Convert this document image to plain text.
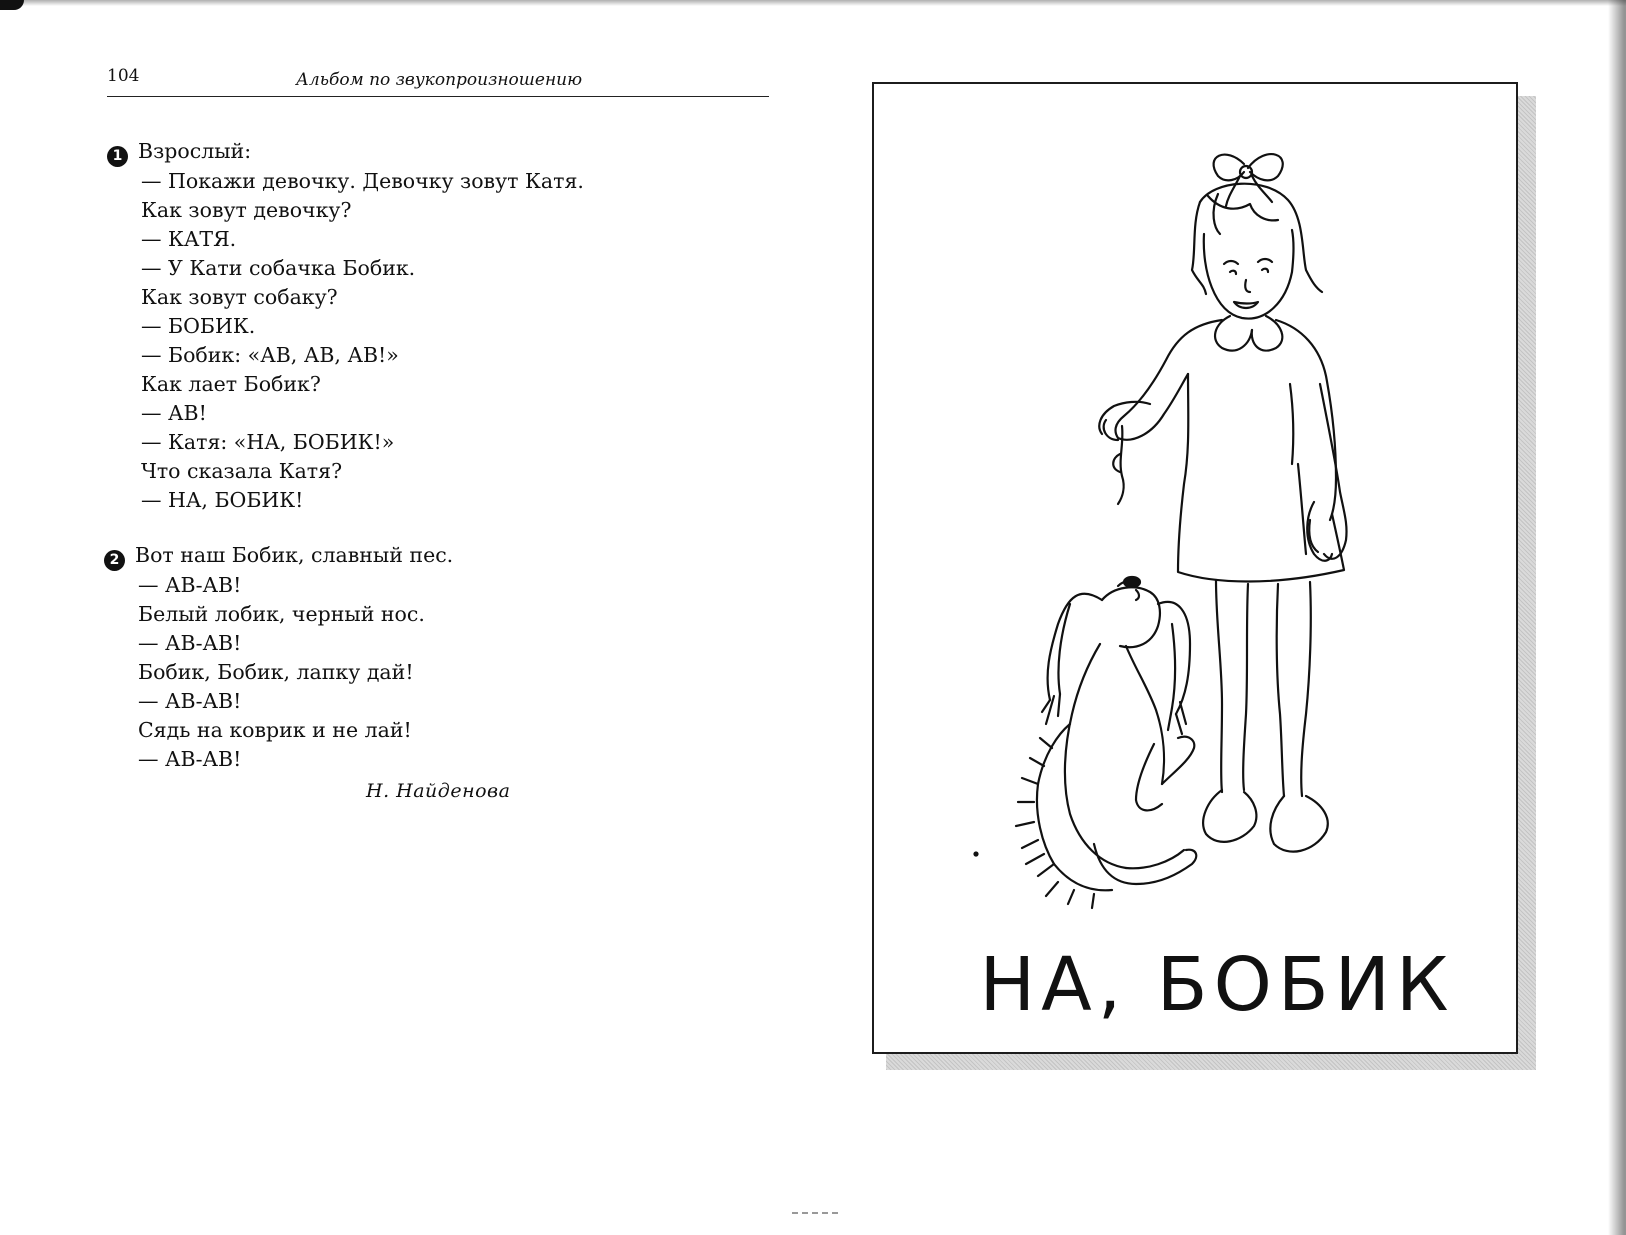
104	Альбом по звукопроизношению
1 Взрослый:
— Покажи девочку. Девочку зовут Катя.
Как зовут девочку?
— КАТЯ.
— У Кати собачка Бобик.
Как зовут собаку?
— БОБИК.
— Бобик: «АВ, АВ, АВ!»
Как лает Бобик?
— АВ!
— Катя: «НА, БОБИК!»
Что сказала Катя?
— НА, БОБИК!
2 Вот наш Бобик, славный пес.
— АВ-АВ!
Белый лобик, черный нос.
— АВ-АВ!
Бобик, Бобик, лапку дай!
— АВ-АВ!
Сядь на коврик и не лай!
— АВ-АВ!
Н. Найденова
НА, БОБИК
